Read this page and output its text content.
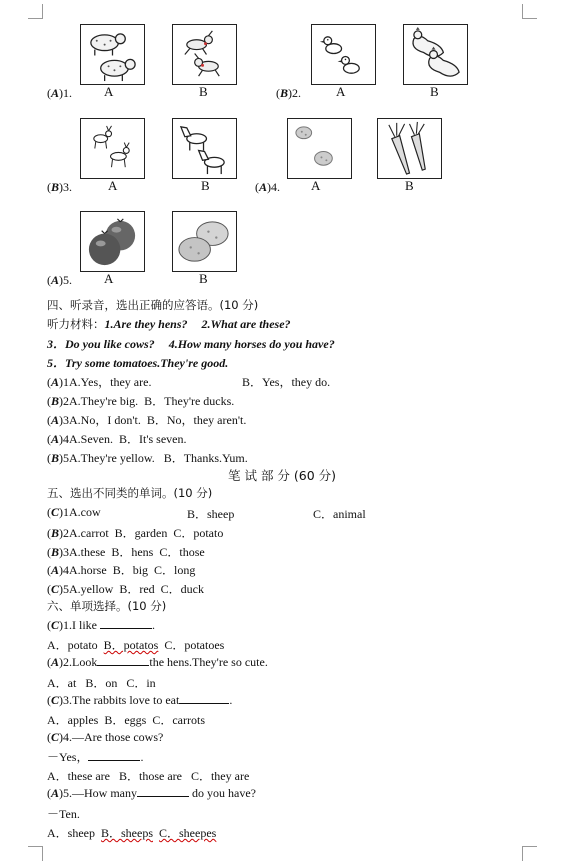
(A)1. A	B	(B)2.	A	B
(B)3.	A	B	(A)4. A	B
(A)5. A	B
四、听录音，选出正确的应答语。(10 分)
听力材料：1.Are they hens? 2.What are these?
3．Do you like cows? 4.How many horses do you have?
5．Try some tomatoes.They're good.
(A)1A.Yes，they are.	B．Yes，they do.
(B)2A.They're big. B．They're ducks.
(A)3A.No，I don't. B．No，they aren't.
(A)4A.Seven. B．It's seven.
(B)5A.They're yellow. B．Thanks.Yum.
笔 试 部 分 (60 分)
五、选出不同类的单词。(10 分)
(C)1A.cow	B．sheep	C．animal
(B)2A.carrot B．garden C．potato
(B)3A.these B．hens C．those
(A)4A.horse B．big C．long
(C)5A.yellow B．red C．duck
六、单项选择。(10 分)
(C)1.I like	.
A．potato B．potatos C．potatoes
(A)2.Look	the hens.They're so cute.
A．at B．on C．in
(C)3.The rabbits love to eat	.
A．apples B．eggs C．carrots
(C)4.—Are those cows?
－Yes，	.
A．these are B．those are C．they are
(A)5.—How many	do you have?
－Ten.
A．sheep B．sheeps C．sheepes
